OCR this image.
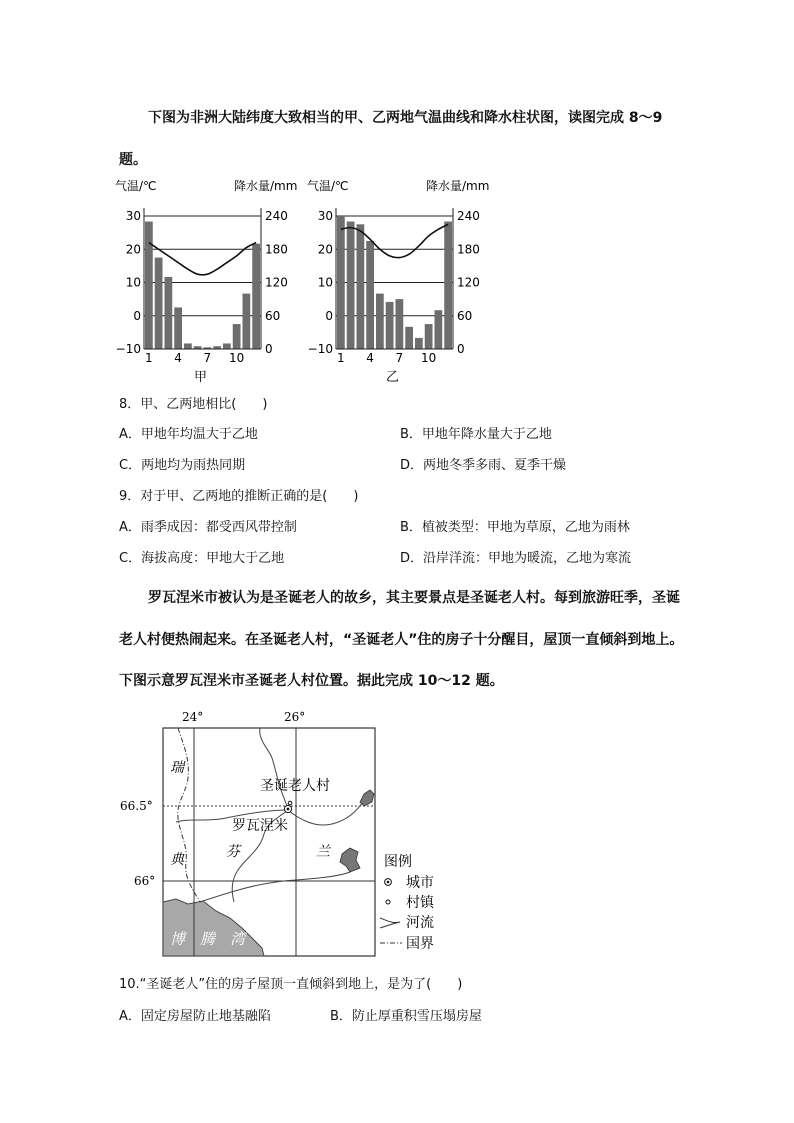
下图为非洲大陆纬度大致相当的甲、乙两地气温曲线和降水柱状图，读图完成 8～9
题。
气温/℃	降水量/mm
30	240
20	180
10	120
0	60
−10	0
1 4 7 10
甲
气温/℃	降水量/mm
30	240
20	180
10	120
0	60
−10	0
1 4 7 10
乙
8．甲、乙两地相比(　　)
A．甲地年均温大于乙地	B．甲地年降水量大于乙地
C．两地均为雨热同期	D．两地冬季多雨、夏季干燥
9．对于甲、乙两地的推断正确的是(　　)
A．雨季成因：都受西风带控制	B．植被类型：甲地为草原，乙地为雨林
C．海拔高度：甲地大于乙地	D．沿岸洋流：甲地为暖流，乙地为寒流
罗瓦涅米市被认为是圣诞老人的故乡，其主要景点是圣诞老人村。每到旅游旺季，圣诞
老人村便热闹起来。在圣诞老人村，“圣诞老人”住的房子十分醒目，屋顶一直倾斜到地上。
下图示意罗瓦涅米市圣诞老人村位置。据此完成 10～12 题。
24°	26°
66.5°
66°
瑞
典	芬	兰
圣诞老人村
罗瓦涅米
博　腾　湾
图例
城市
村镇
河流
国界
10.“圣诞老人”住的房子屋顶一直倾斜到地上，是为了(　　)
A．固定房屋防止地基融陷	B．防止厚重积雪压塌房屋
